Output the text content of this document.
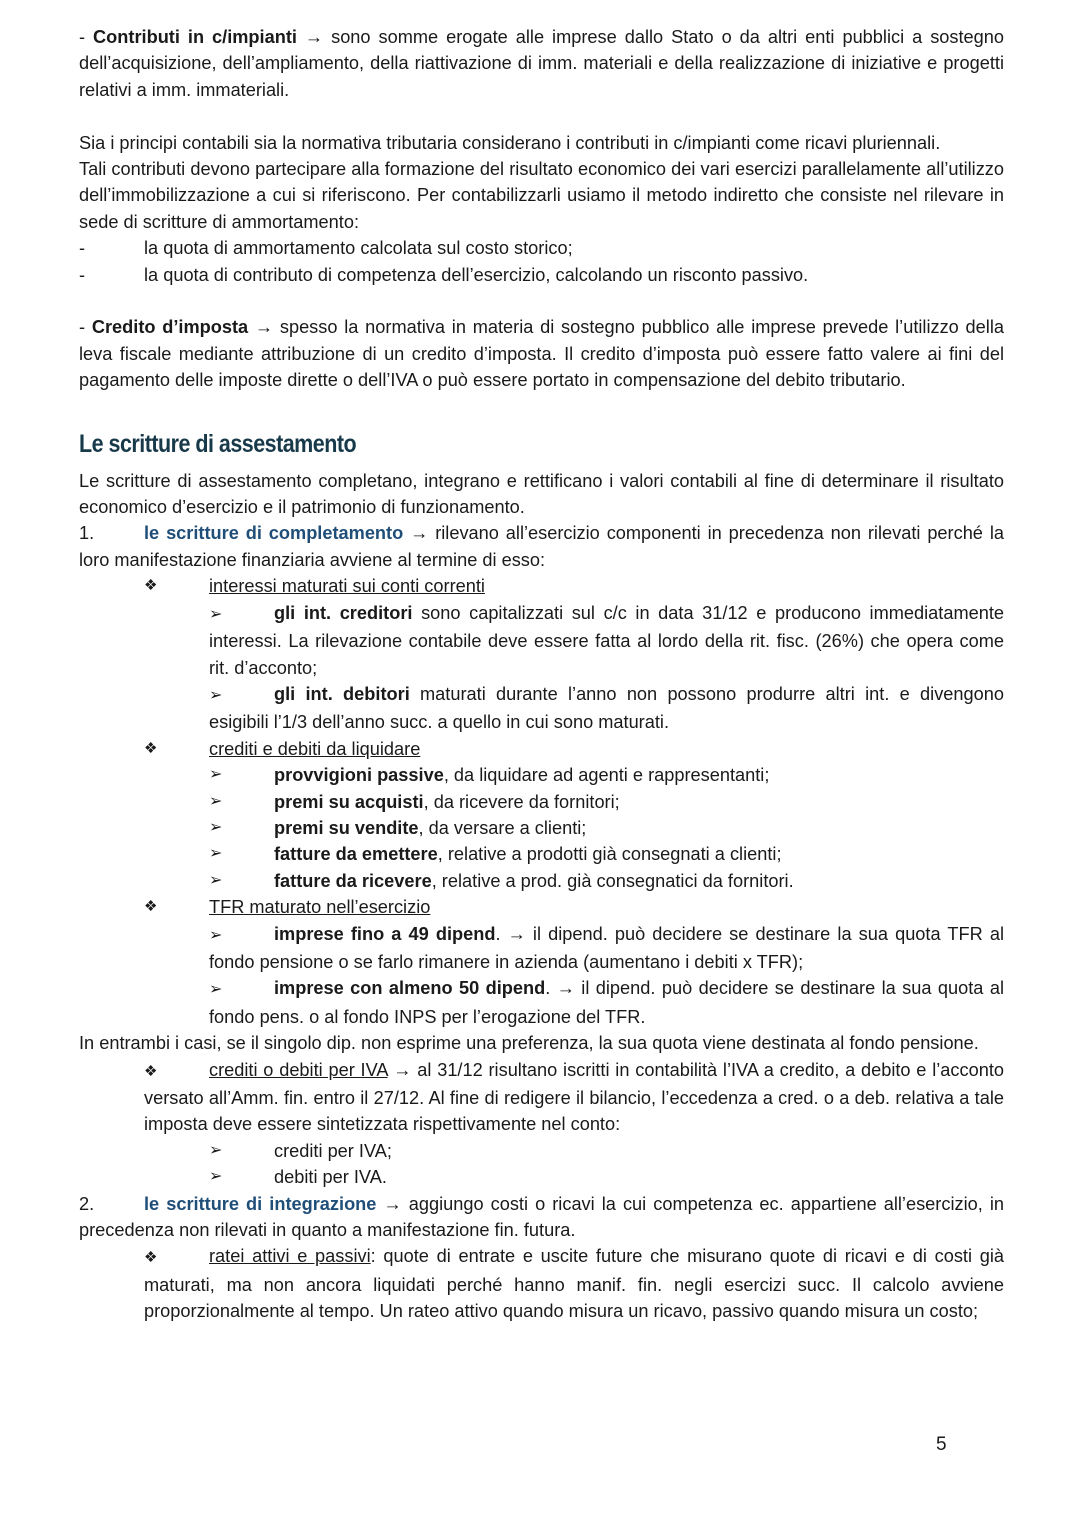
- Contributi in c/impianti → sono somme erogate alle imprese dallo Stato o da altri enti pubblici a sostegno dell’acquisizione, dell’ampliamento, della riattivazione di imm. materiali e della realizzazione di iniziative e progetti relativi a imm. immateriali.

Sia i principi contabili sia la normativa tributaria considerano i contributi in c/impianti come ricavi pluriennali.

Tali contributi devono partecipare alla formazione del risultato economico dei vari esercizi parallelamente all’utilizzo dell’immobilizzazione a cui si riferiscono. Per contabilizzarli usiamo il metodo indiretto che consiste nel rilevare in sede di scritture di ammortamento:

-	la quota di ammortamento calcolata sul costo storico;
-	la quota di contributo di competenza dell’esercizio, calcolando un risconto passivo.

- Credito d’imposta → spesso la normativa in materia di sostegno pubblico alle imprese prevede l’utilizzo della leva fiscale mediante attribuzione di un credito d’imposta. Il credito d’imposta può essere fatto valere ai fini del pagamento delle imposte dirette o dell’IVA o può essere portato in compensazione del debito tributario.

Le scritture di assestamento

Le scritture di assestamento completano, integrano e rettificano i valori contabili al fine di determinare il risultato economico d’esercizio e il patrimonio di funzionamento.

1.	le scritture di completamento → rilevano all’esercizio componenti in precedenza non rilevati perché la loro manifestazione finanziaria avviene al termine di esso:

❖	interessi maturati sui conti correnti

➢	gli int. creditori sono capitalizzati sul c/c in data 31/12 e producono immediatamente interessi. La rilevazione contabile deve essere fatta al lordo della rit. fisc. (26%) che opera come rit. d’acconto;

➢	gli int. debitori maturati durante l’anno non possono produrre altri int. e divengono esigibili l’1/3 dell’anno succ. a quello in cui sono maturati.

❖	crediti e debiti da liquidare
➢	provvigioni passive, da liquidare ad agenti e rappresentanti;
➢	premi su acquisti, da ricevere da fornitori;
➢	premi su vendite, da versare a clienti;
➢	fatture da emettere, relative a prodotti già consegnati a clienti;
➢	fatture da ricevere, relative a prod. già consegnatici da fornitori.
❖	TFR maturato nell’esercizio

➢	imprese fino a 49 dipend. → il dipend. può decidere se destinare la sua quota TFR al fondo pensione o se farlo rimanere in azienda (aumentano i debiti x TFR);

➢	imprese con almeno 50 dipend. → il dipend. può decidere se destinare la sua quota al fondo pens. o al fondo INPS per l’erogazione del TFR.

In entrambi i casi, se il singolo dip. non esprime una preferenza, la sua quota viene destinata al fondo pensione.

❖	crediti o debiti per IVA → al 31/12 risultano iscritti in contabilità l’IVA a credito, a debito e l’acconto versato all’Amm. fin. entro il 27/12. Al fine di redigere il bilancio, l’eccedenza a cred. o a deb. relativa a tale imposta deve essere sintetizzata rispettivamente nel conto:

➢	crediti per IVA;
➢	debiti per IVA.

2.	le scritture di integrazione → aggiungo costi o ricavi la cui competenza ec. appartiene all’esercizio, in precedenza non rilevati in quanto a manifestazione fin. futura.

❖	ratei attivi e passivi: quote di entrate e uscite future che misurano quote di ricavi e di costi già maturati, ma non ancora liquidati perché hanno manif. fin. negli esercizi succ. Il calcolo avviene proporzionalmente al tempo. Un rateo attivo quando misura un ricavo, passivo quando misura un costo;

5
